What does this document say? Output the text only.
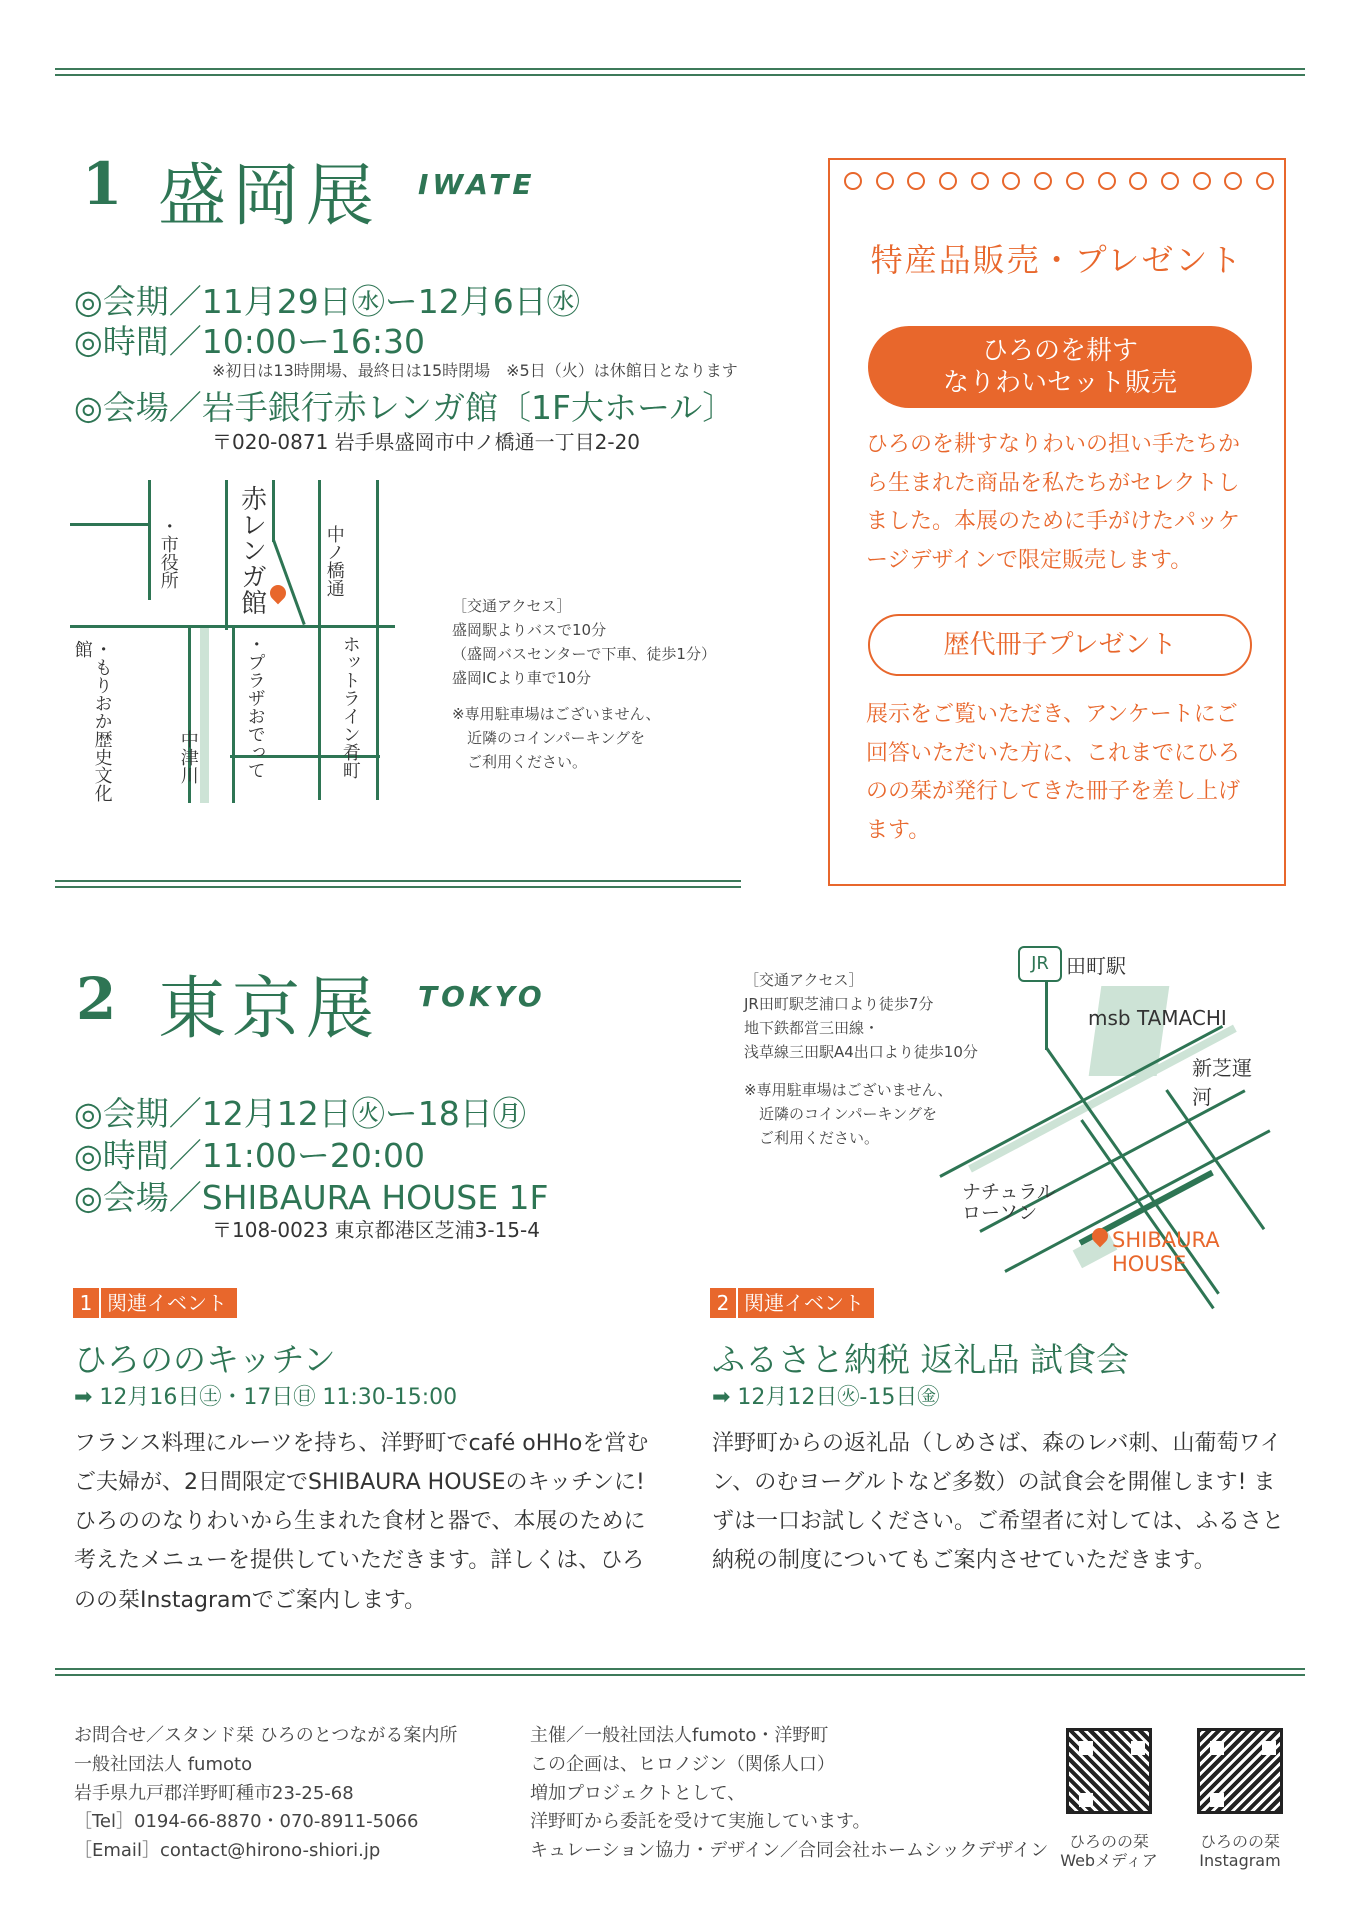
1 盛岡展 IWATE
◎会期／11月29日㊌ー12月6日㊌
◎時間／10:00ー16:30
※初日は13時開場、最終日は15時閉場　※5日（火）は休館日となります
◎会場／岩手銀行赤レンガ館〔1F大ホール〕
〒020-0871 岩手県盛岡市中ノ橋通一丁目2-20
・市役所 赤レンガ館	中ノ橋通
・もりおか歴史文化館	・プラザおでって	ホットライン肴町
中津川
［交通アクセス］
盛岡駅よりバスで10分
（盛岡バスセンターで下車、徒歩1分）
盛岡ICより車で10分
※専用駐車場はございません、
　近隣のコインパーキングを
　ご利用ください。
特産品販売・プレゼント
ひろのを耕す
なりわいセット販売
ひろのを耕すなりわいの担い手たちから生まれた商品を私たちがセレクトしました。本展のために手がけたパッケージデザインで限定販売します。
歴代冊子プレゼント
展示をご覧いただき、アンケートにご回答いただいた方に、これまでにひろのの栞が発行してきた冊子を差し上げます。
2 東京展 TOKYO
◎会期／12月12日㊋ー18日㊊
◎時間／11:00ー20:00
◎会場／SHIBAURA HOUSE 1F
〒108-0023 東京都港区芝浦3-15-4
［交通アクセス］
JR田町駅芝浦口より徒歩7分
地下鉄都営三田線・
浅草線三田駅A4出口より徒歩10分
※専用駐車場はございません、
　近隣のコインパーキングを
　ご利用ください。
JR 田町駅
msb TAMACHI
新芝運河
ナチュラル
ローソン
SHIBAURA
HOUSE
1 関連イベント
ひろののキッチン
➡ 12月16日㊏・17日㊐ 11:30-15:00
フランス料理にルーツを持ち、洋野町でcafé oHHoを営むご夫婦が、2日間限定でSHIBAURA HOUSEのキッチンに! ひろののなりわいから生まれた食材と器で、本展のために考えたメニューを提供していただきます。詳しくは、ひろのの栞Instagramでご案内します。
2 関連イベント
ふるさと納税 返礼品 試食会
➡ 12月12日㊋-15日㊎
洋野町からの返礼品（しめさば、森のレバ刺、山葡萄ワイン、のむヨーグルトなど多数）の試食会を開催します! まずは一口お試しください。ご希望者に対しては、ふるさと納税の制度についてもご案内させていただきます。
お問合せ／スタンド栞 ひろのとつながる案内所
一般社団法人 fumoto
岩手県九戸郡洋野町種市23-25-68
［Tel］0194-66-8870・070-8911-5066
［Email］contact@hirono-shiori.jp
主催／一般社団法人fumoto・洋野町
この企画は、ヒロノジン（関係人口）
増加プロジェクトとして、
洋野町から委託を受けて実施しています。
キュレーション協力・デザイン／合同会社ホームシックデザイン	ひろのの栞
Webメディア
ひろのの栞
Instagram
